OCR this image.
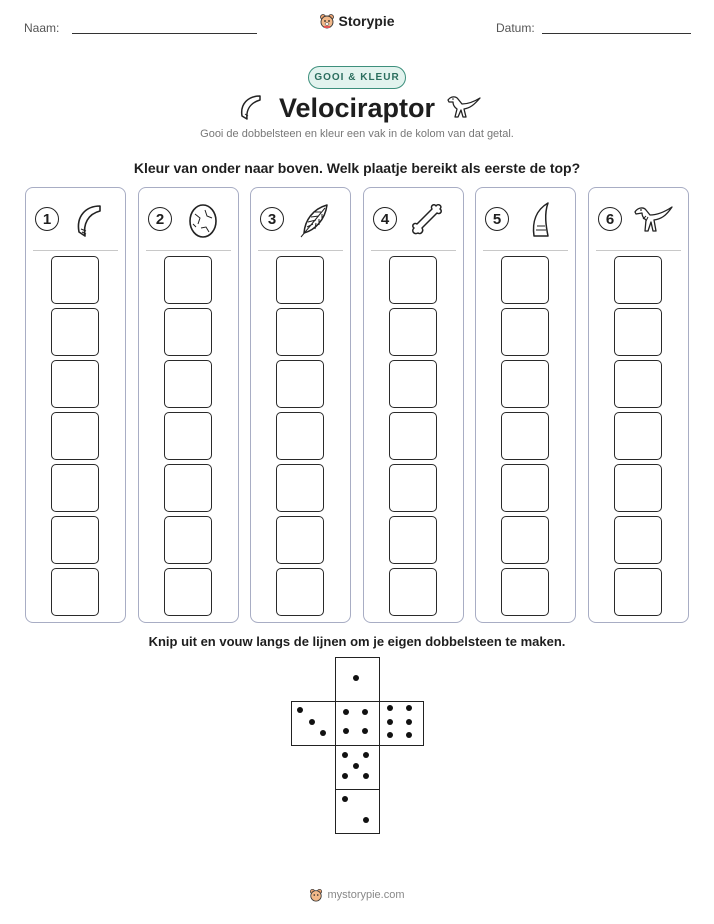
Naam:	Datum:
Storypie
GOOI & KLEUR
Velociraptor
Gooi de dobbelsteen en kleur een vak in de kolom van dat getal.
Kleur van onder naar boven. Welk plaatje bereikt als eerste de top?
1	2	3	4	5	6
Knip uit en vouw langs de lijnen om je eigen dobbelsteen te maken.
mystorypie.com
